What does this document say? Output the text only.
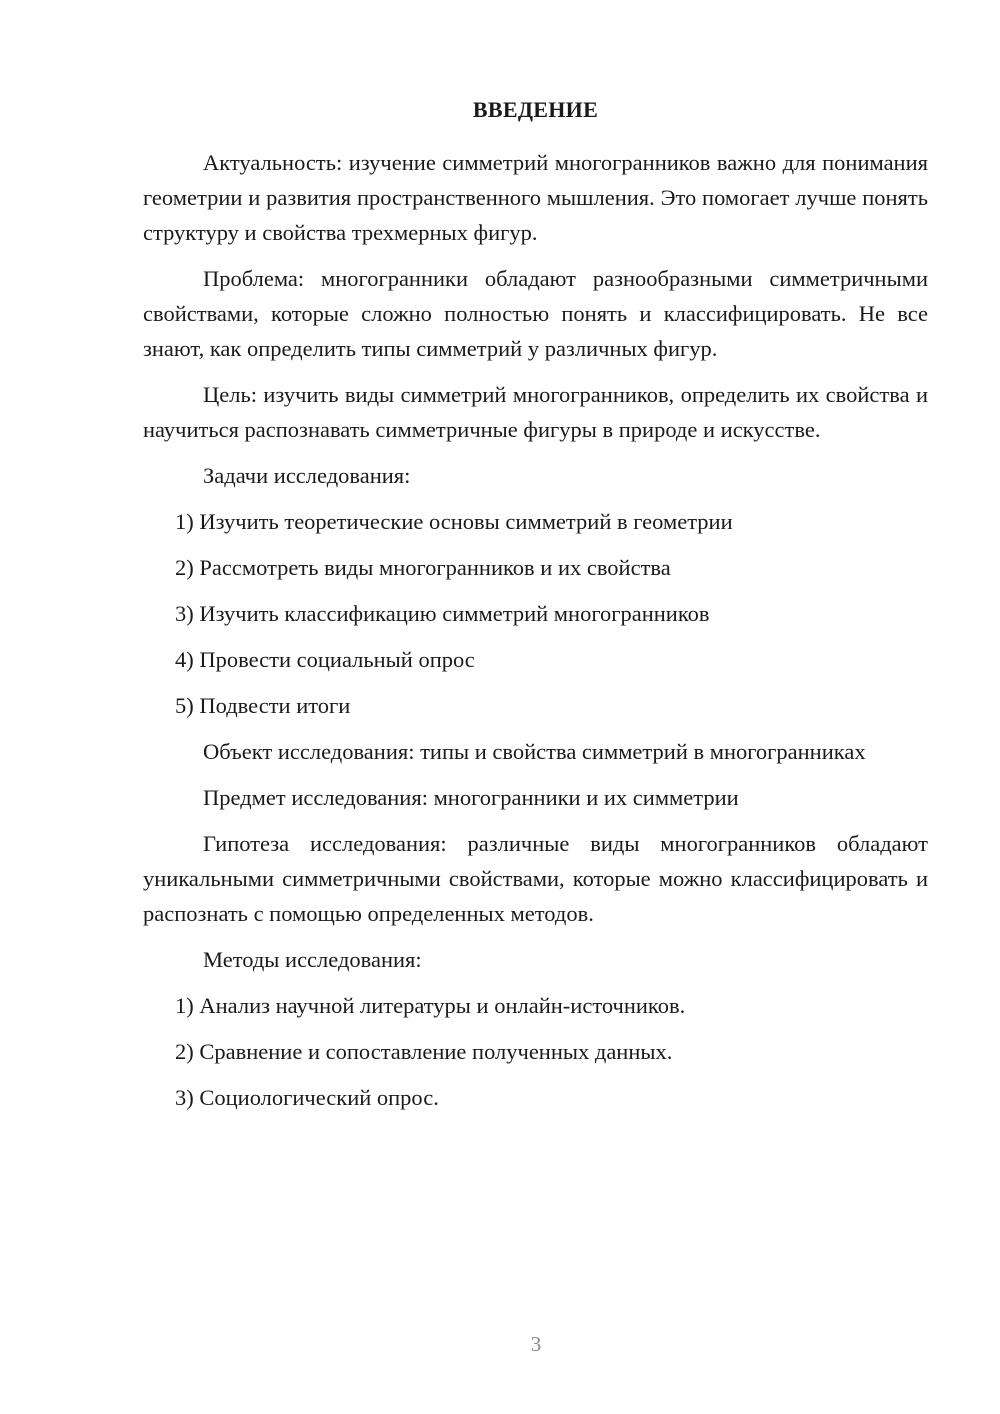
ВВЕДЕНИЕ
Актуальность: изучение симметрий многогранников важно для понимания геометрии и развития пространственного мышления. Это помогает лучше понять структуру и свойства трехмерных фигур.
Проблема: многогранники обладают разнообразными симметричными свойствами, которые сложно полностью понять и классифицировать. Не все знают, как определить типы симметрий у различных фигур.
Цель: изучить виды симметрий многогранников, определить их свойства и научиться распознавать симметричные фигуры в природе и искусстве.
Задачи исследования:
1) Изучить теоретические основы симметрий в геометрии
2) Рассмотреть виды многогранников и их свойства
3) Изучить классификацию симметрий многогранников
4) Провести социальный опрос
5) Подвести итоги
Объект исследования: типы и свойства симметрий в многогранниках
Предмет исследования: многогранники и их симметрии
Гипотеза исследования: различные виды многогранников обладают уникальными симметричными свойствами, которые можно классифицировать и распознать с помощью определенных методов.
Методы исследования:
1) Анализ научной литературы и онлайн-источников.
2) Сравнение и сопоставление полученных данных.
3) Социологический опрос.
3
